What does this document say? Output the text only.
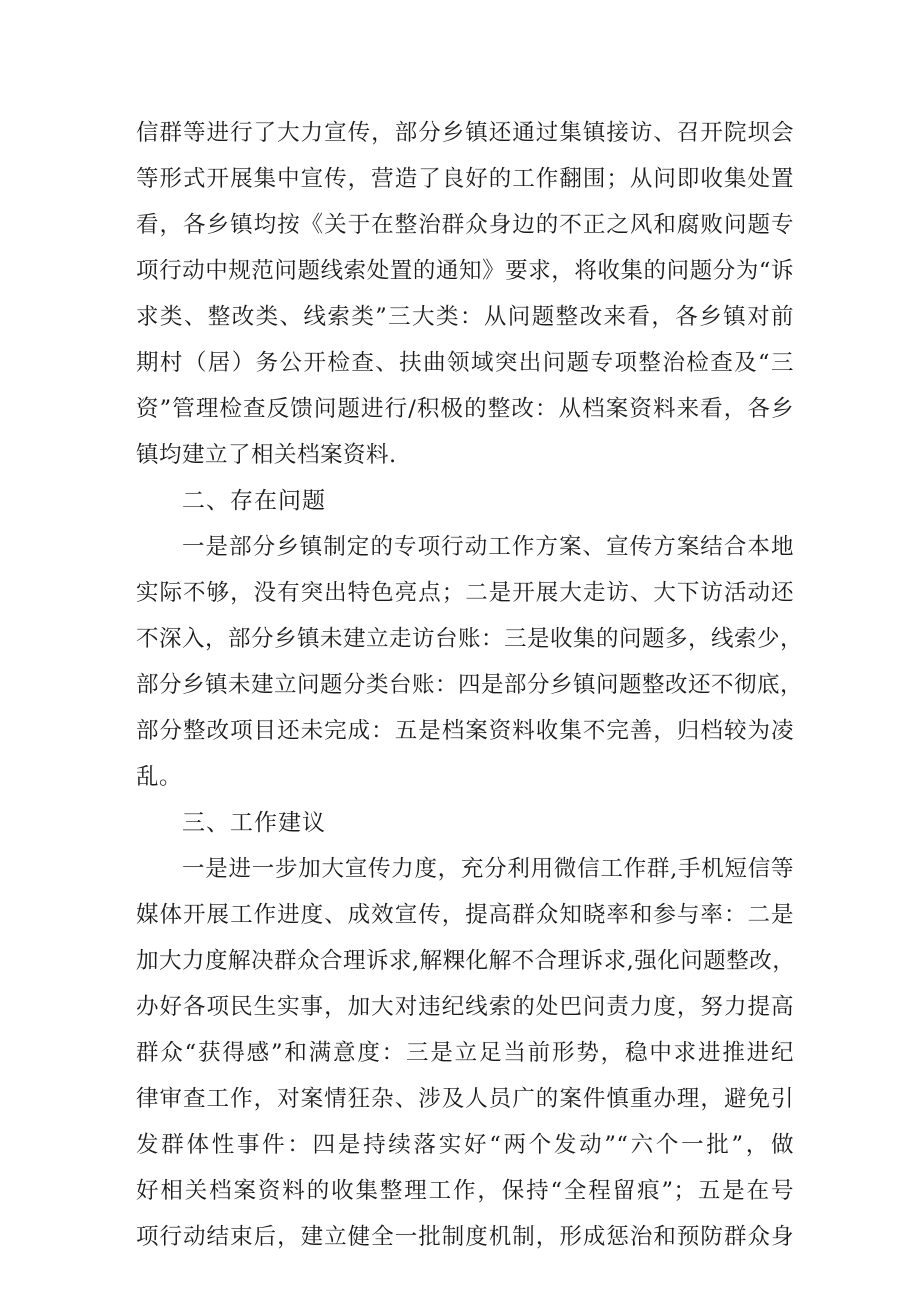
信群等进行了大力宣传，部分乡镇还通过集镇接访、召开院坝会
等形式开展集中宣传，营造了良好的工作翻围；从问即收集处置
看，各乡镇均按《关于在整治群众身边的不正之风和腐败问题专
项行动中规范问题线索处置的通知》要求，将收集的问题分为“诉
求类、整改类、线索类”三大类：从问题整改来看，各乡镇对前
期村（居）务公开检查、扶曲领域突出问题专项整治检查及“三
资”管理检查反馈问题进行/积极的整改：从档案资料来看，各乡
镇均建立了相关档案资料.
二、存在问题
一是部分乡镇制定的专项行动工作方案、宣传方案结合本地
实际不够，没有突出特色亮点；二是开展大走访、大下访活动还
不深入，部分乡镇未建立走访台账：三是收集的问题多，线索少，
部分乡镇未建立问题分类台账：四是部分乡镇问题整改还不彻底，
部分整改项目还未完成：五是档案资料收集不完善，归档较为凌
乱。
三、工作建议
一是进一步加大宣传力度，充分利用微信工作群,手机短信等
媒体开展工作进度、成效宣传，提高群众知晓率和参与率：二是
加大力度解决群众合理诉求,解粿化解不合理诉求,强化问题整改，
办好各项民生实事，加大对违纪线索的处巴问责力度，努力提高
群众“获得感”和满意度：三是立足当前形势，稳中求进推进纪
律审查工作，对案情狂杂、涉及人员广的案件慎重办理，避免引
发群体性事件：四是持续落实好“两个发动”“六个一批”，做
好相关档案资料的收集整理工作，保持“全程留痕”；五是在号
项行动结束后，建立健全一批制度机制，形成惩治和预防群众身
